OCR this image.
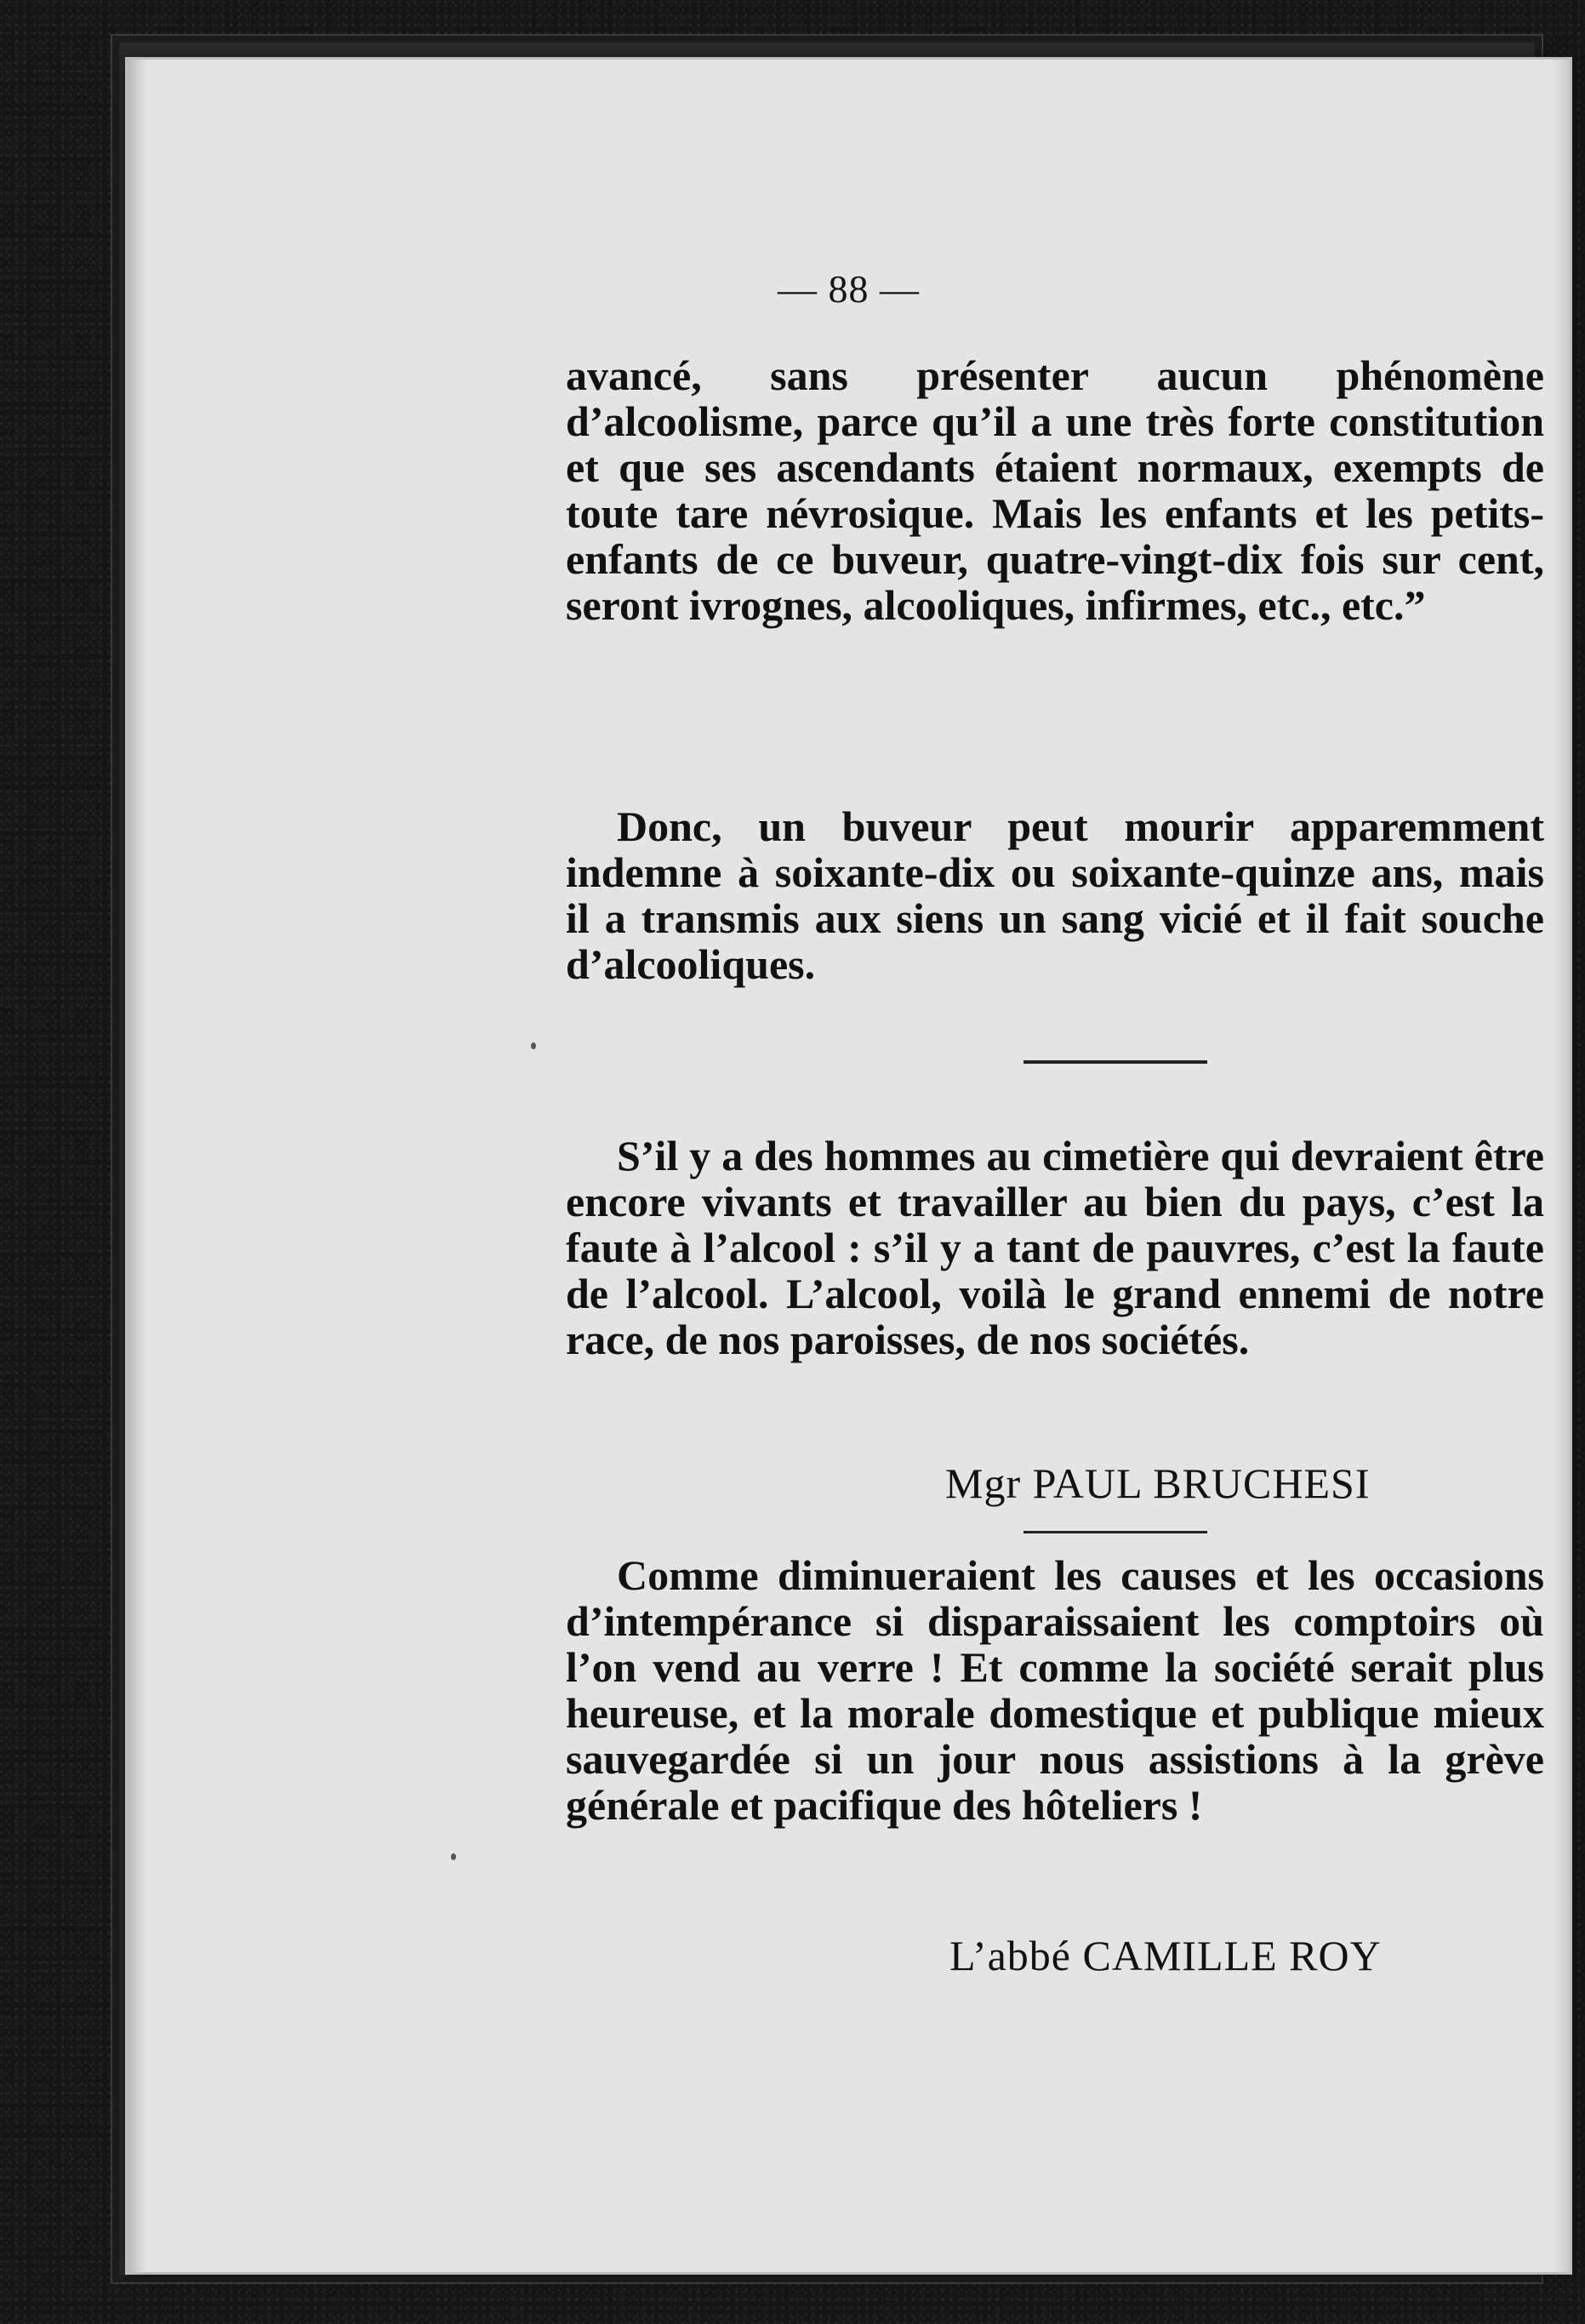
— 88 —

avancé, sans présenter aucun phénomène d’alcoolisme, parce qu’il a une très forte constitution et que ses ascendants étaient normaux, exempts de toute tare névrosique. Mais les enfants et les petits-enfants de ce buveur, quatre-vingt-dix fois sur cent, seront ivrognes, alcooliques, infirmes, etc., etc.”

Donc, un buveur peut mourir apparemment indemne à soixante-dix ou soixante-quinze ans, mais il a transmis aux siens un sang vicié et il fait souche d’alcooliques.

S’il y a des hommes au cimetière qui devraient être encore vivants et travailler au bien du pays, c’est la faute à l’alcool : s’il y a tant de pauvres, c’est la faute de l’alcool. L’alcool, voilà le grand ennemi de notre race, de nos paroisses, de nos sociétés.

Mgr PAUL BRUCHESI

Comme diminueraient les causes et les occasions d’intempérance si disparaissaient les comptoirs où l’on vend au verre ! Et comme la société serait plus heureuse, et la morale domestique et publique mieux sauvegardée si un jour nous assistions à la grève générale et pacifique des hôteliers !

L’abbé CAMILLE ROY
